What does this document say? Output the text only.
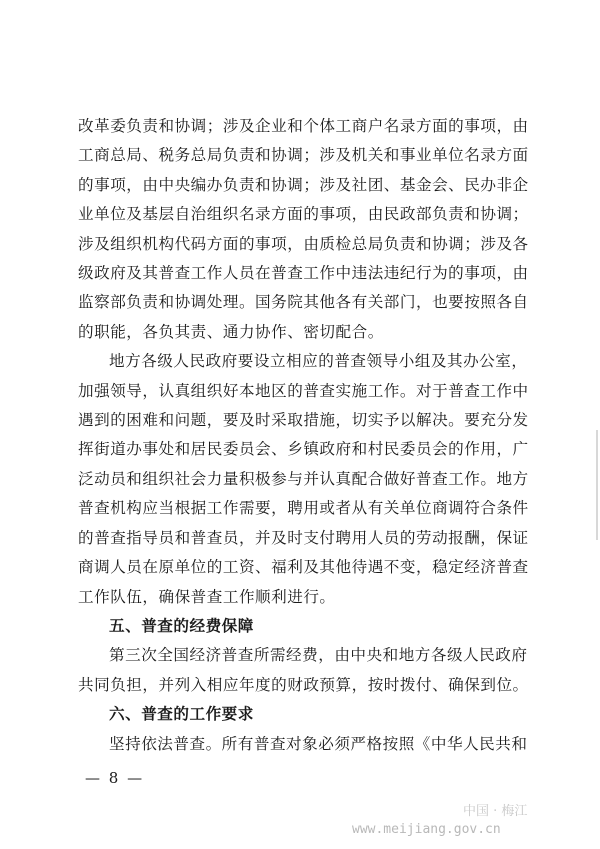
改革委负责和协调；涉及企业和个体工商户名录方面的事项，由

工商总局、税务总局负责和协调；涉及机关和事业单位名录方面

的事项，由中央编办负责和协调；涉及社团、基金会、民办非企

业单位及基层自治组织名录方面的事项，由民政部负责和协调；

涉及组织机构代码方面的事项，由质检总局负责和协调；涉及各

级政府及其普查工作人员在普查工作中违法违纪行为的事项，由

监察部负责和协调处理。国务院其他各有关部门，也要按照各自

的职能，各负其责、通力协作、密切配合。

地方各级人民政府要设立相应的普查领导小组及其办公室，

加强领导，认真组织好本地区的普查实施工作。对于普查工作中

遇到的困难和问题，要及时采取措施，切实予以解决。要充分发

挥街道办事处和居民委员会、乡镇政府和村民委员会的作用，广

泛动员和组织社会力量积极参与并认真配合做好普查工作。地方

普查机构应当根据工作需要，聘用或者从有关单位商调符合条件

的普查指导员和普查员，并及时支付聘用人员的劳动报酬，保证

商调人员在原单位的工资、福利及其他待遇不变，稳定经济普查

工作队伍，确保普查工作顺利进行。

五、普查的经费保障

第三次全国经济普查所需经费，由中央和地方各级人民政府

共同负担，并列入相应年度的财政预算，按时拨付、确保到位。

六、普查的工作要求

坚持依法普查。所有普查对象必须严格按照《中华人民共和

— 8 —
中国 · 梅江
www.meijiang.gov.cn
